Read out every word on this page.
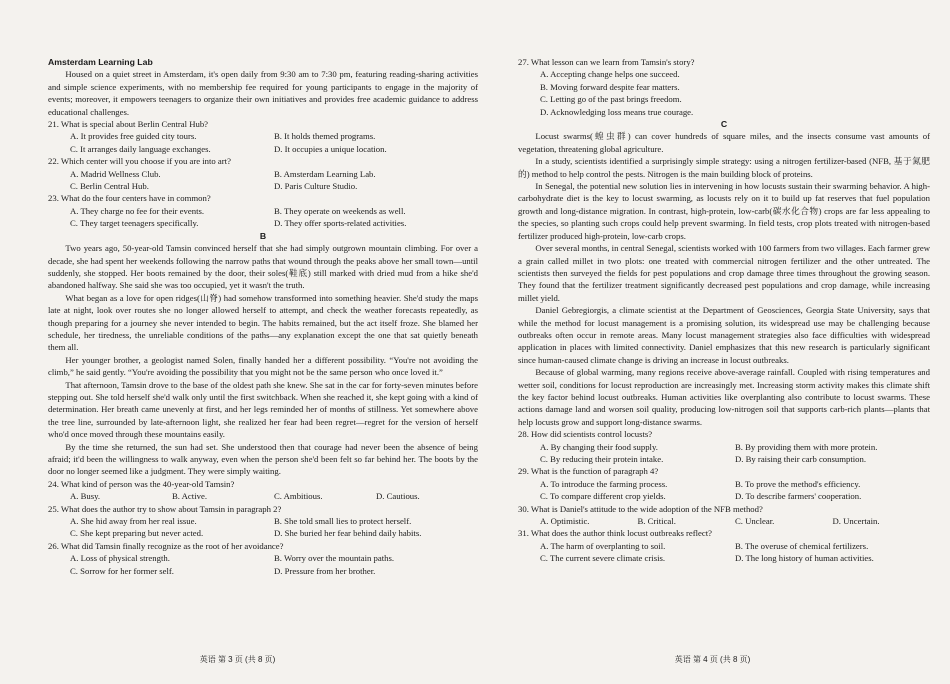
Amsterdam Learning Lab
Housed on a quiet street in Amsterdam, it's open daily from 9:30 am to 7:30 pm, featuring reading-sharing activities and simple science experiments, with no membership fee required for young participants to engage in the majority of events; moreover, it empowers teenagers to organize their own initiatives and provides free academic guidance to address educational challenges.
21. What is special about Berlin Central Hub?
A. It provides free guided city tours.	B. It holds themed programs.
C. It arranges daily language exchanges.	D. It occupies a unique location.
22. Which center will you choose if you are into art?
A. Madrid Wellness Club.	B. Amsterdam Learning Lab.
C. Berlin Central Hub.	D. Paris Culture Studio.
23. What do the four centers have in common?
A. They charge no fee for their events.	B. They operate on weekends as well.
C. They target teenagers specifically.	D. They offer sports-related activities.
B
Two years ago, 50-year-old Tamsin convinced herself that she had simply outgrown mountain climbing. For over a decade, she had spent her weekends following the narrow paths that wound through the peaks above her small town—until suddenly, she stopped. Her boots remained by the door, their soles(鞋底) still marked with dried mud from a hike she'd abandoned halfway. She said she was too occupied, yet it wasn't the truth.
What began as a love for open ridges(山脊) had somehow transformed into something heavier. She'd study the maps late at night, look over routes she no longer allowed herself to attempt, and check the weather forecasts repeatedly, as though preparing for a journey she never intended to begin. The habits remained, but the act itself froze. She blamed her schedule, her tiredness, the unreliable conditions of the paths—any explanation except the one that sat quietly beneath them all.
Her younger brother, a geologist named Solen, finally handed her a different possibility. “You're not avoiding the climb,” he said gently. “You're avoiding the possibility that you might not be the same person who once loved it.”
That afternoon, Tamsin drove to the base of the oldest path she knew. She sat in the car for forty-seven minutes before stepping out. She told herself she'd walk only until the first switchback. When she reached it, she kept going with a kind of determination. Her breath came unevenly at first, and her legs reminded her of months of stillness. Yet somewhere above the tree line, surrounded by late-afternoon light, she realized her fear had been regret—regret for the version of herself who'd once moved through these mountains easily.
By the time she returned, the sun had set. She understood then that courage had never been the absence of being afraid; it'd been the willingness to walk anyway, even when the person she'd been felt so far behind her. The boots by the door no longer seemed like a judgment. They were simply waiting.
24. What kind of person was the 40-year-old Tamsin?
A. Busy.	B. Active.	C. Ambitious.	D. Cautious.
25. What does the author try to show about Tamsin in paragraph 2?
A. She hid away from her real issue.	B. She told small lies to protect herself.
C. She kept preparing but never acted.	D. She buried her fear behind daily habits.
26. What did Tamsin finally recognize as the root of her avoidance?
A. Loss of physical strength.	B. Worry over the mountain paths.
C. Sorrow for her former self.	D. Pressure from her brother.
27. What lesson can we learn from Tamsin's story?
A. Accepting change helps one succeed.
B. Moving forward despite fear matters.
C. Letting go of the past brings freedom.
D. Acknowledging loss means true courage.
C
Locust swarms(蝗虫群) can cover hundreds of square miles, and the insects consume vast amounts of vegetation, threatening global agriculture.
In a study, scientists identified a surprisingly simple strategy: using a nitrogen fertilizer-based (NFB, 基于氮肥的) method to help control the pests. Nitrogen is the main building block of proteins.
In Senegal, the potential new solution lies in intervening in how locusts sustain their swarming behavior. A high-carbohydrate diet is the key to locust swarming, as locusts rely on it to build up fat reserves that fuel population growth and long-distance migration. In contrast, high-protein, low-carb(碳水化合物) crops are far less appealing to the species, so planting such crops could help prevent swarming. In field tests, crop plots treated with nitrogen-based fertilizer produced high-protein, low-carb crops.
Over several months, in central Senegal, scientists worked with 100 farmers from two villages. Each farmer grew a grain called millet in two plots: one treated with commercial nitrogen fertilizer and the other untreated. The scientists then surveyed the fields for pest populations and crop damage three times throughout the growing season. They found that the fertilizer treatment significantly decreased pest populations and crop damage, while increasing millet yield.
Daniel Gebregiorgis, a climate scientist at the Department of Geosciences, Georgia State University, says that while the method for locust management is a promising solution, its widespread use may be challenging because outbreaks often occur in remote areas. Many locust management strategies also face difficulties with widespread application in places with limited connectivity. Daniel emphasizes that this new research is particularly significant since human-caused climate change is driving an increase in locust outbreaks.
Because of global warming, many regions receive above-average rainfall. Coupled with rising temperatures and wetter soil, conditions for locust reproduction are increasingly met. Increasing storm activity makes this climate shift the key factor behind locust outbreaks. Human activities like overplanting also contribute to locust swarms. These actions damage land and worsen soil quality, producing low-nitrogen soil that supports carb-rich plants—plants that help locusts grow and support long-distance swarms.
28. How did scientists control locusts?
A. By changing their food supply.	B. By providing them with more protein.
C. By reducing their protein intake.	D. By raising their carb consumption.
29. What is the function of paragraph 4?
A. To introduce the farming process.	B. To prove the method's efficiency.
C. To compare different crop yields.	D. To describe farmers' cooperation.
30. What is Daniel's attitude to the wide adoption of the NFB method?
A. Optimistic.	B. Critical.	C. Unclear.	D. Uncertain.
31. What does the author think locust outbreaks reflect?
A. The harm of overplanting to soil.	B. The overuse of chemical fertilizers.
C. The current severe climate crisis.	D. The long history of human activities.
英语 第 3 页 (共 8 页)	英语 第 4 页 (共 8 页)
